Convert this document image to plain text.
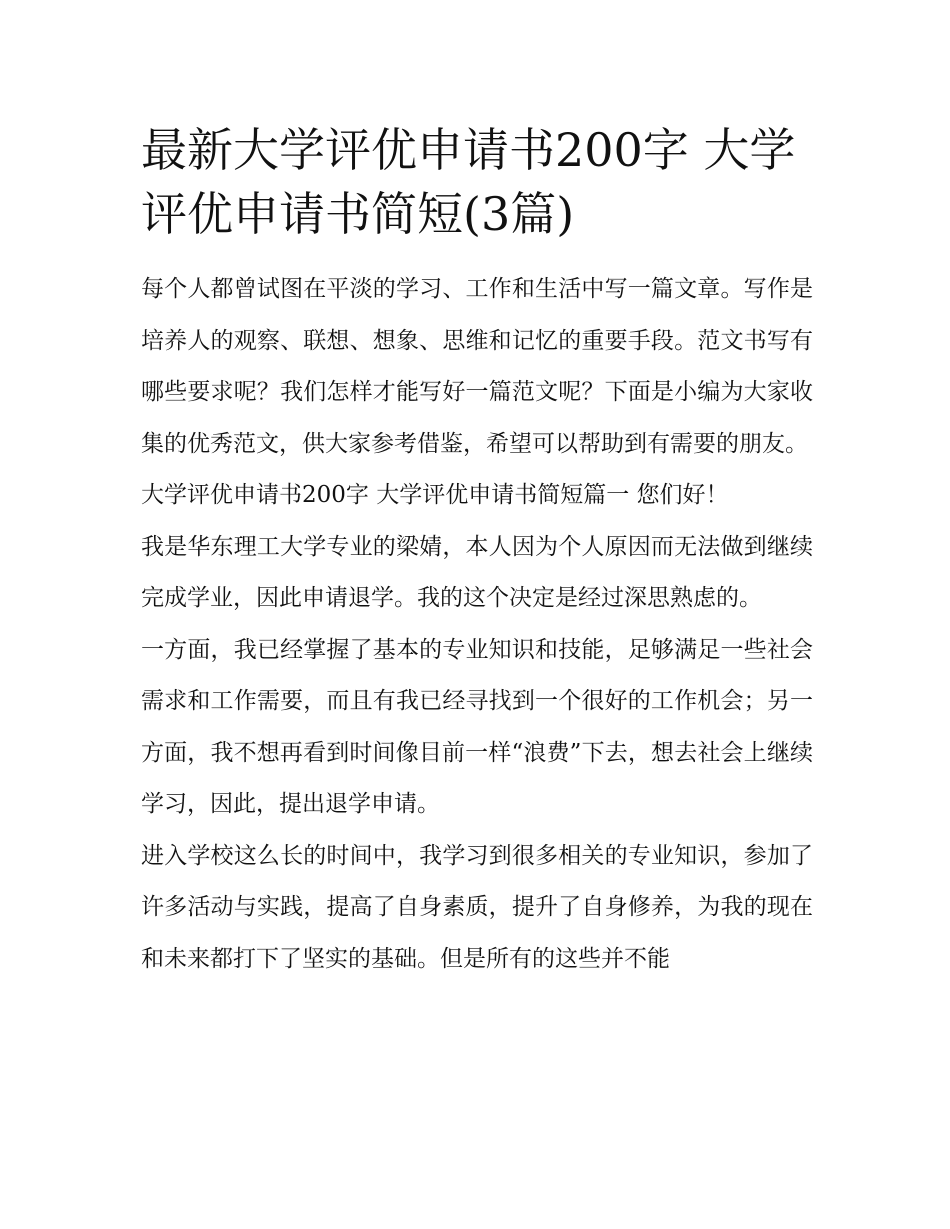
最新大学评优申请书200字 大学评优申请书简短(3篇)

每个人都曾试图在平淡的学习、工作和生活中写一篇文章。写作是培养人的观察、联想、想象、思维和记忆的重要手段。范文书写有哪些要求呢？我们怎样才能写好一篇范文呢？下面是小编为大家收集的优秀范文，供大家参考借鉴，希望可以帮助到有需要的朋友。

大学评优申请书200字 大学评优申请书简短篇一 您们好！

我是华东理工大学专业的梁婧，本人因为个人原因而无法做到继续完成学业，因此申请退学。我的这个决定是经过深思熟虑的。

一方面，我已经掌握了基本的专业知识和技能，足够满足一些社会需求和工作需要，而且有我已经寻找到一个很好的工作机会；另一方面，我不想再看到时间像目前一样“浪费”下去，想去社会上继续学习，因此，提出退学申请。

进入学校这么长的时间中，我学习到很多相关的专业知识，参加了许多活动与实践，提高了自身素质，提升了自身修养，为我的现在和未来都打下了坚实的基础。但是所有的这些并不能
